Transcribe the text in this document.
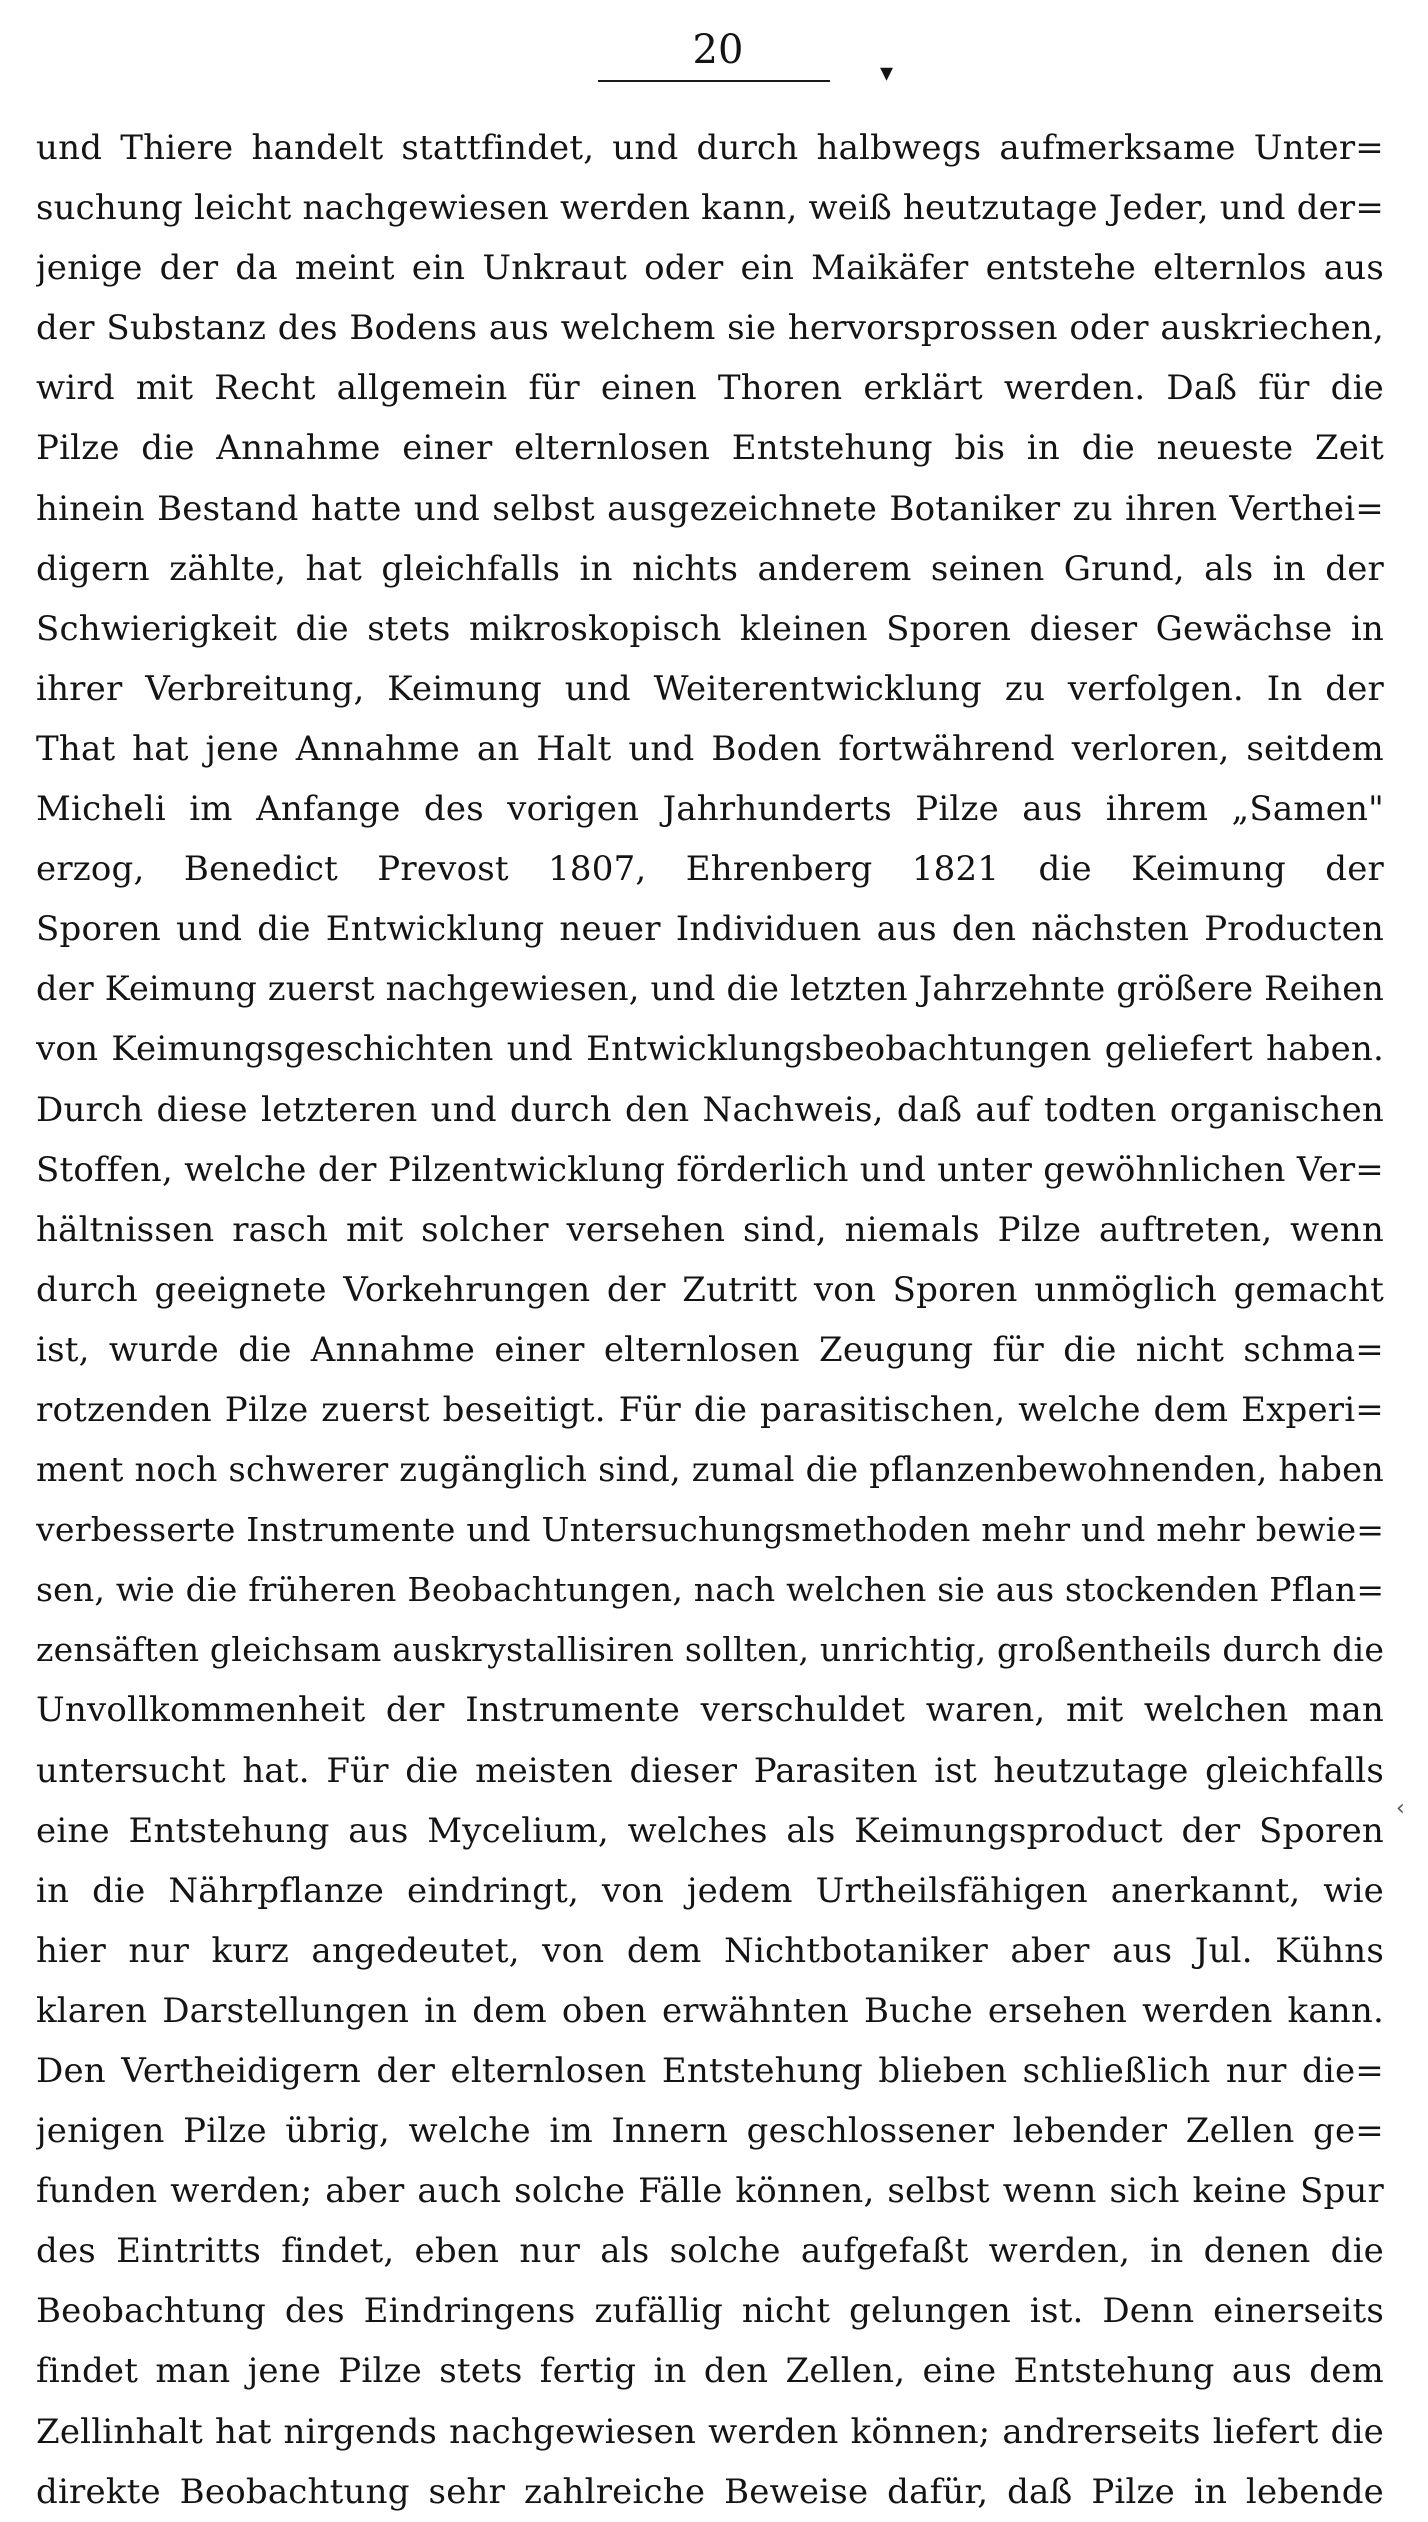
20	▾
und Thiere handelt stattfindet, und durch halbwegs aufmerksame Unter=
suchung leicht nachgewiesen werden kann, weiß heutzutage Jeder, und der=
jenige der da meint ein Unkraut oder ein Maikäfer entstehe elternlos aus
der Substanz des Bodens aus welchem sie hervorsprossen oder auskriechen,
wird mit Recht allgemein für einen Thoren erklärt werden. Daß für die
Pilze die Annahme einer elternlosen Entstehung bis in die neueste Zeit
hinein Bestand hatte und selbst ausgezeichnete Botaniker zu ihren Verthei=
digern zählte, hat gleichfalls in nichts anderem seinen Grund, als in der
Schwierigkeit die stets mikroskopisch kleinen Sporen dieser Gewächse in
ihrer Verbreitung, Keimung und Weiterentwicklung zu verfolgen. In der
That hat jene Annahme an Halt und Boden fortwährend verloren, seitdem
Micheli im Anfange des vorigen Jahrhunderts Pilze aus ihrem „Samen"
erzog, Benedict Prevost 1807, Ehrenberg 1821 die Keimung der
Sporen und die Entwicklung neuer Individuen aus den nächsten Producten
der Keimung zuerst nachgewiesen, und die letzten Jahrzehnte größere Reihen
von Keimungsgeschichten und Entwicklungsbeobachtungen geliefert haben.
Durch diese letzteren und durch den Nachweis, daß auf todten organischen
Stoffen, welche der Pilzentwicklung förderlich und unter gewöhnlichen Ver=
hältnissen rasch mit solcher versehen sind, niemals Pilze auftreten, wenn
durch geeignete Vorkehrungen der Zutritt von Sporen unmöglich gemacht
ist, wurde die Annahme einer elternlosen Zeugung für die nicht schma=
rotzenden Pilze zuerst beseitigt. Für die parasitischen, welche dem Experi=
ment noch schwerer zugänglich sind, zumal die pflanzenbewohnenden, haben
verbesserte Instrumente und Untersuchungsmethoden mehr und mehr bewie=
sen, wie die früheren Beobachtungen, nach welchen sie aus stockenden Pflan=
zensäften gleichsam auskrystallisiren sollten, unrichtig, großentheils durch die
Unvollkommenheit der Instrumente verschuldet waren, mit welchen man
untersucht hat. Für die meisten dieser Parasiten ist heutzutage gleichfalls
eine Entstehung aus Mycelium, welches als Keimungsproduct der Sporen
in die Nährpflanze eindringt, von jedem Urtheilsfähigen anerkannt, wie
hier nur kurz angedeutet, von dem Nichtbotaniker aber aus Jul. Kühns
klaren Darstellungen in dem oben erwähnten Buche ersehen werden kann.
Den Vertheidigern der elternlosen Entstehung blieben schließlich nur die=
jenigen Pilze übrig, welche im Innern geschlossener lebender Zellen ge=
funden werden; aber auch solche Fälle können, selbst wenn sich keine Spur
des Eintritts findet, eben nur als solche aufgefaßt werden, in denen die
Beobachtung des Eindringens zufällig nicht gelungen ist. Denn einerseits
findet man jene Pilze stets fertig in den Zellen, eine Entstehung aus dem
Zellinhalt hat nirgends nachgewiesen werden können; andrerseits liefert die
direkte Beobachtung sehr zahlreiche Beweise dafür, daß Pilze in lebende
‹
